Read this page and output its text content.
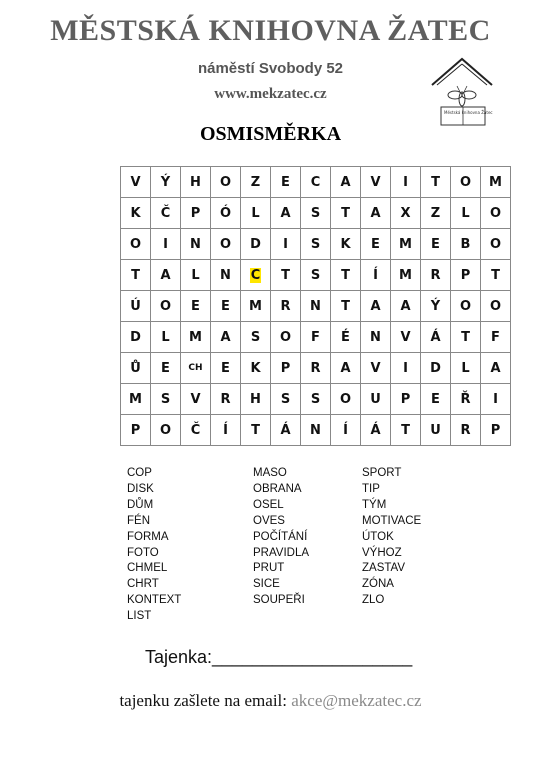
MĚSTSKÁ KNIHOVNA ŽATEC
náměstí Svobody 52
www.mekzatec.cz
Městská knihovna Žatec
OSMISMĚRKA
V Ý H O Z E C A V I T O M
K Č P Ó L A S T A X Z L O
O I N O D I S K E M E B O
T A L N C T S T Í M R P T
Ú O E E M R N T A A Ý O O
D L M A S O F É N V Á T F
Ů E CH E K P R A V I D L A
M S V R H S S O U P E Ř I
P O Č Í T Á N Í Á T U R P
COP
DISK
DŮM
FÉN
FORMA
FOTO
CHMEL
CHRT
KONTEXT
LIST
MASO
OBRANA
OSEL
OVES
POČÍTÁNÍ
PRAVIDLA
PRUT
SICE
SOUPEŘI
SPORT
TIP
TÝM
MOTIVACE
ÚTOK
VÝHOZ
ZASTAV
ZÓNA
ZLO
Tajenka:____________________
tajenku zašlete na email: akce@mekzatec.cz
